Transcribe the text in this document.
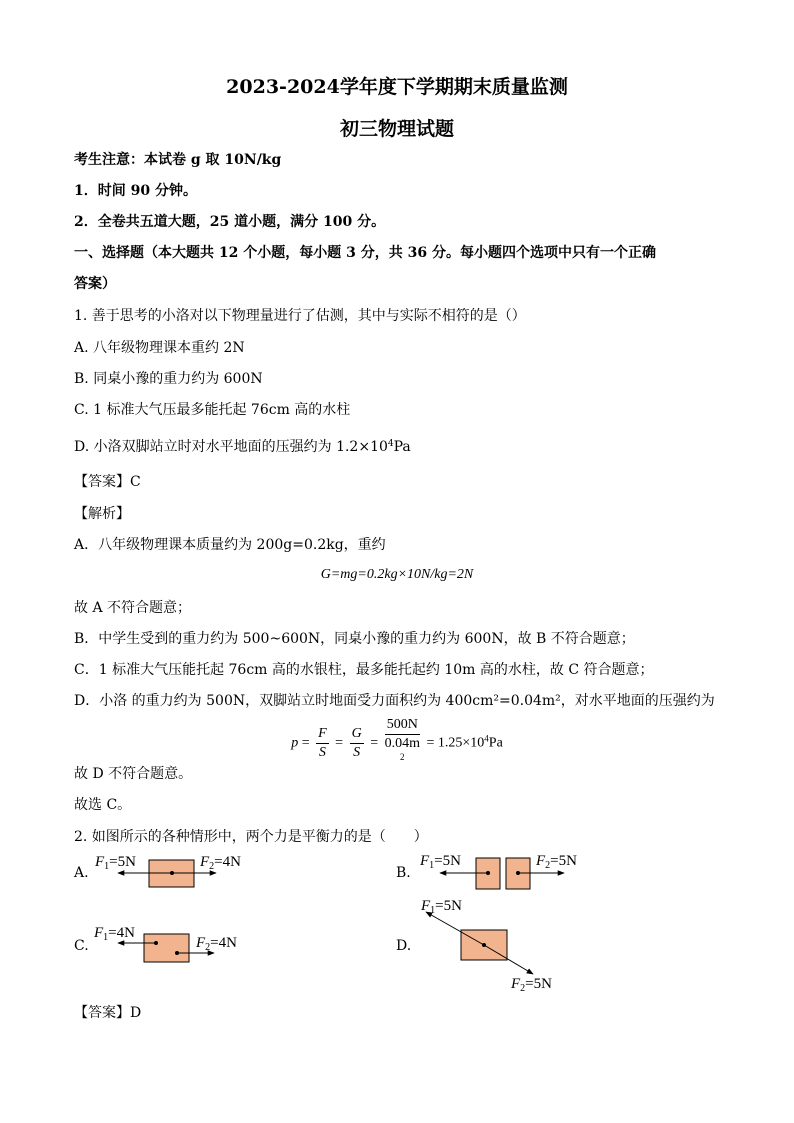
2023-2024学年度下学期期末质量监测
初三物理试题
考生注意：本试卷 g 取 10N/kg
1．时间 90 分钟。
2．全卷共五道大题，25 道小题，满分 100 分。
一、选择题（本大题共 12 个小题，每小题 3 分，共 36 分。每小题四个选项中只有一个正确
答案）
1. 善于思考的小洛对以下物理量进行了估测，其中与实际不相符的是（）
A. 八年级物理课本重约 2N
B. 同桌小豫的重力约为 600N
C. 1 标准大气压最多能托起 76cm 高的水柱
D. 小洛双脚站立时对水平地面的压强约为 $1.2\times 10^4Pa$
【答案】C
【解析】
A．八年级物理课本质量约为 200g=0.2kg，重约
G=mg=0.2kg×10N/kg=2N
故 A 不符合题意；
B．中学生受到的重力约为 500~600N，同桌小豫的重力约为 600N，故 B 不符合题意；
C．1 标准大气压能托起 76cm 高的水银柱，最多能托起约 10m 高的水柱，故 C 符合题意；
D．小洛 的重力约为 500N，双脚站立时地面受力面积约为 400cm²=0.04m²，对水平地面的压强约为
$p = \frac{F}{S} = \frac{G}{S} = 500N$
0.04m
$^2 = 1.25\times 10^4Pa$
故 D 不符合题意。
故选 C。
2. 如图所示的各种情形中，两个力是平衡力的是（　　）
A.	B.
C.	D.
$F_1=5N$	$F_2=4N$	$F_1=5N$	$F_2=5N$
$F_1=4N$
$F_2=4N$
$F_1=5N$
$F_2=5N$
【答案】D
